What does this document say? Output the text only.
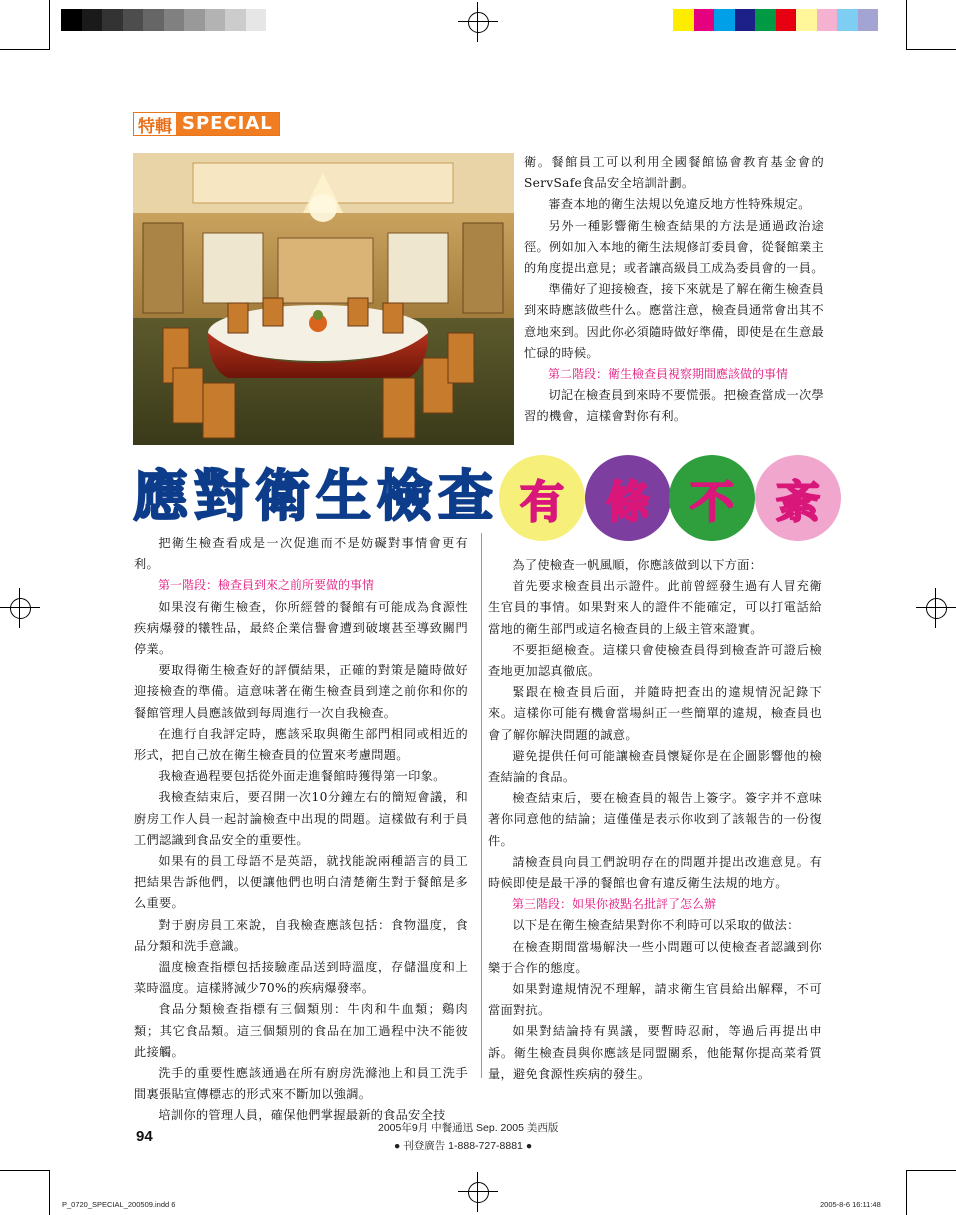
特輯 SPECIAL

衛。餐館員工可以利用全國餐館協會教育基金會的ServSafe食品安全培訓計劃。

審查本地的衛生法規以免違反地方性特殊規定。

另外一種影響衛生檢查結果的方法是通過政治途徑。例如加入本地的衛生法規修訂委員會，從餐館業主的角度提出意見；或者讓高級員工成為委員會的一員。

準備好了迎接檢查，接下來就是了解在衛生檢查員到來時應該做些什么。應當注意，檢查員通常會出其不意地來到。因此你必須隨時做好準備，即使是在生意最忙碌的時候。

第二階段：衛生檢查員視察期間應該做的事情

切記在檢查員到來時不要慌張。把檢查當成一次學習的機會，這樣會對你有利。

應對衛生檢查 有 條 不 紊

把衛生檢查看成是一次促進而不是妨礙對事情會更有利。

第一階段：檢查員到來之前所要做的事情

如果沒有衛生檢查，你所經營的餐館有可能成為食源性疾病爆發的犧牲品，最終企業信譽會遭到破壞甚至導致關門停業。

要取得衛生檢查好的評價結果，正確的對策是隨時做好迎接檢查的準備。這意味著在衛生檢查員到達之前你和你的餐館管理人員應該做到每周進行一次自我檢查。

在進行自我評定時，應該采取與衛生部門相同或相近的形式，把自己放在衛生檢查員的位置來考慮問題。

我檢查過程要包括從外面走進餐館時獲得第一印象。

我檢查結束后，要召開一次10分鐘左右的簡短會議，和廚房工作人員一起討論檢查中出現的問題。這樣做有利于員工們認識到食品安全的重要性。

如果有的員工母語不是英語，就找能說兩種語言的員工把結果告訴他們，以便讓他們也明白清楚衛生對于餐館是多么重要。

對于廚房員工來說，自我檢查應該包括：食物溫度，食品分類和洗手意識。

溫度檢查指標包括接驗產品送到時溫度，存儲溫度和上菜時溫度。這樣將減少70%的疾病爆發率。

食品分類檢查指標有三個類別：牛肉和牛血類；鷄肉類；其它食品類。這三個類別的食品在加工過程中決不能彼此接觸。

洗手的重要性應該通過在所有廚房洗滌池上和員工洗手間裏張貼宣傳標志的形式來不斷加以強調。

培訓你的管理人員，確保他們掌握最新的食品安全技

為了使檢查一帆風順，你應該做到以下方面：

首先要求檢查員出示證件。此前曾經發生過有人冒充衛生官員的事情。如果對來人的證件不能確定，可以打電話給當地的衛生部門或這名檢查員的上級主管來證實。

不要拒絕檢查。這樣只會使檢查員得到檢查許可證后檢查地更加認真徹底。

緊跟在檢查員后面，并隨時把查出的違規情況記錄下來。這樣你可能有機會當場糾正一些簡單的違規，檢查員也會了解你解決問題的誠意。

避免提供任何可能讓檢查員懷疑你是在企圖影響他的檢查結論的食品。

檢查結束后，要在檢查員的報告上簽字。簽字并不意味著你同意他的結論；這僅僅是表示你收到了該報告的一份復件。

請檢查員向員工們說明存在的問題并提出改進意見。有時候即使是最干凈的餐館也會有違反衛生法規的地方。

第三階段：如果你被點名批評了怎么辦

以下是在衛生檢查結果對你不利時可以采取的做法：

在檢查期間當場解決一些小問題可以使檢查者認識到你樂于合作的態度。

如果對違規情況不理解，請求衛生官員給出解釋，不可當面對抗。

如果對結論持有異議，要暫時忍耐，等過后再提出申訴。衛生檢查員與你應該是同盟關系，他能幫你提高菜肴質量，避免食源性疾病的發生。

94	2005年9月 中餐通迅 Sep. 2005 美西版
● 刊登廣告 1-888-727-8881 ●
P_0720_SPECIAL_200509.indd 6	2005-8-6 16:11:48
